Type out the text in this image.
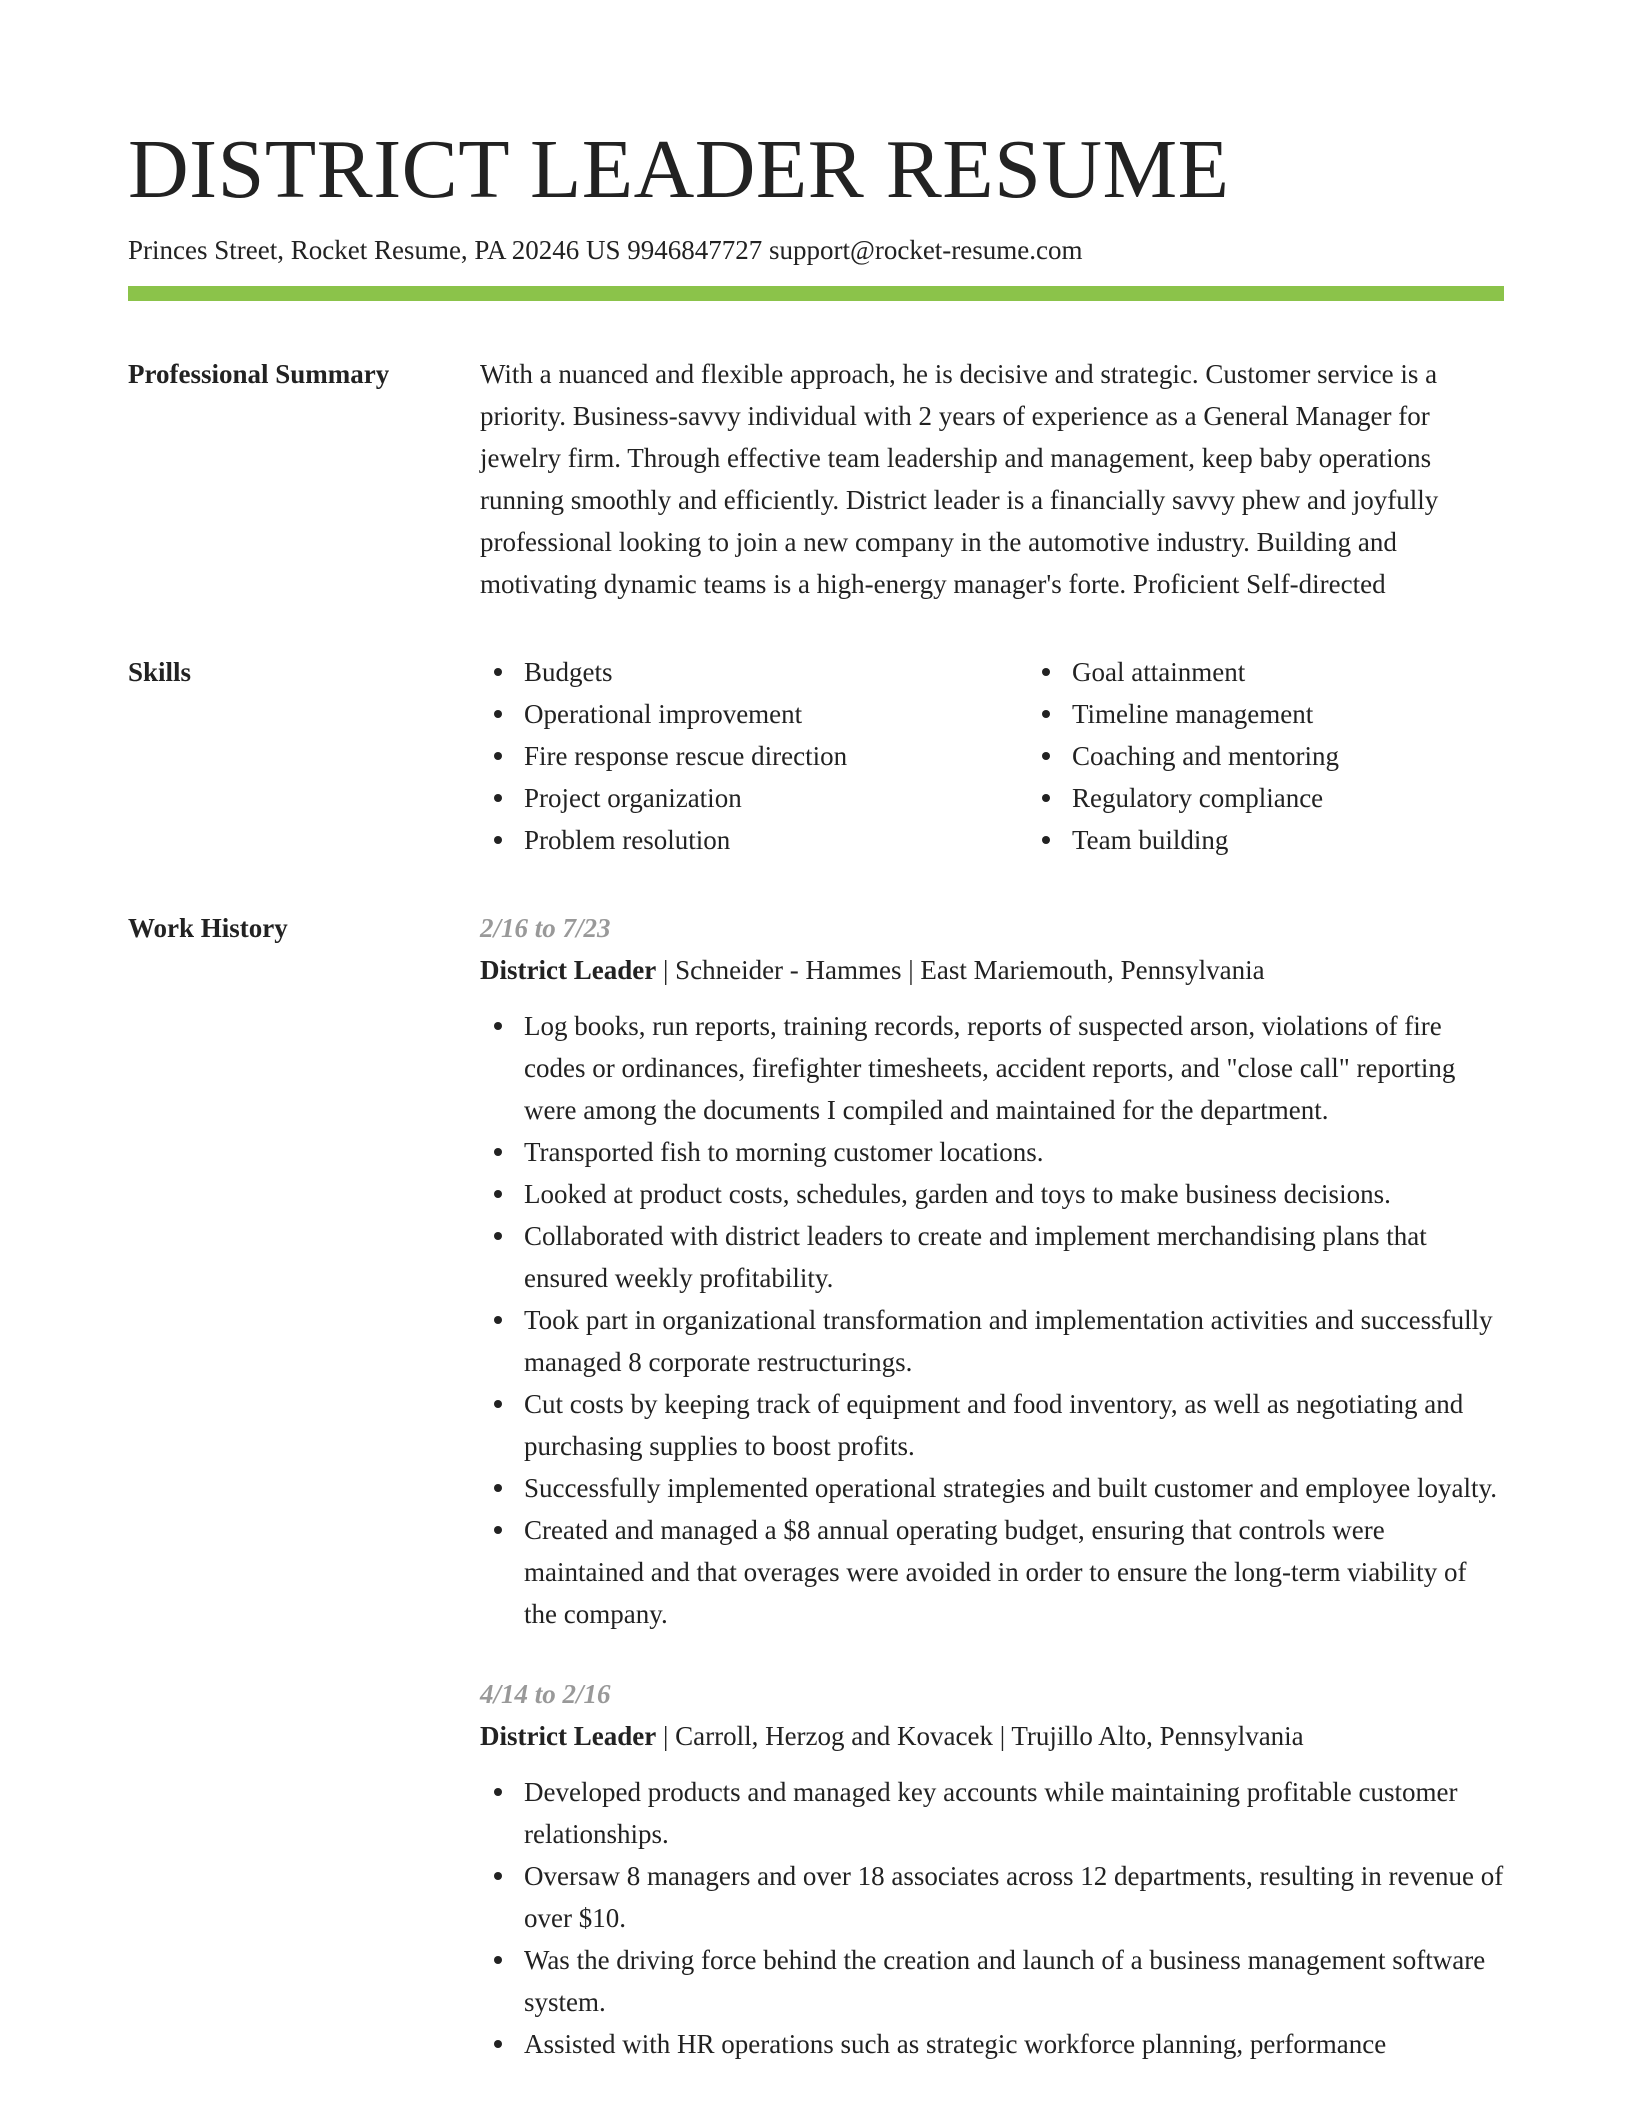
DISTRICT LEADER RESUME
Princes Street, Rocket Resume, PA 20246 US 9946847727 support@rocket-resume.com
Professional Summary	With a nuanced and flexible approach, he is decisive and strategic. Customer service is a priority. Business-savvy individual with 2 years of experience as a General Manager for jewelry firm. Through effective team leadership and management, keep baby operations running smoothly and efficiently. District leader is a financially savvy phew and joyfully professional looking to join a new company in the automotive industry. Building and motivating dynamic teams is a high-energy manager's forte. Proficient Self-directed

Skills	Budgets
Operational improvement
Fire response rescue direction
Project organization
Problem resolution
Goal attainment
Timeline management
Coaching and mentoring
Regulatory compliance
Team building
Work History	2/16 to 7/23
District Leader | Schneider - Hammes | East Mariemouth, Pennsylvania
Log books, run reports, training records, reports of suspected arson, violations of fire codes or ordinances, firefighter timesheets, accident reports, and "close call" reporting were among the documents I compiled and maintained for the department.
Transported fish to morning customer locations.
Looked at product costs, schedules, garden and toys to make business decisions.
Collaborated with district leaders to create and implement merchandising plans that ensured weekly profitability.
Took part in organizational transformation and implementation activities and successfully managed 8 corporate restructurings.
Cut costs by keeping track of equipment and food inventory, as well as negotiating and purchasing supplies to boost profits.
Successfully implemented operational strategies and built customer and employee loyalty.
Created and managed a $8 annual operating budget, ensuring that controls were maintained and that overages were avoided in order to ensure the long-term viability of the company.
4/14 to 2/16
District Leader | Carroll, Herzog and Kovacek | Trujillo Alto, Pennsylvania
Developed products and managed key accounts while maintaining profitable customer relationships.
Oversaw 8 managers and over 18 associates across 12 departments, resulting in revenue of over $10.
Was the driving force behind the creation and launch of a business management software system.
Assisted with HR operations such as strategic workforce planning, performance
